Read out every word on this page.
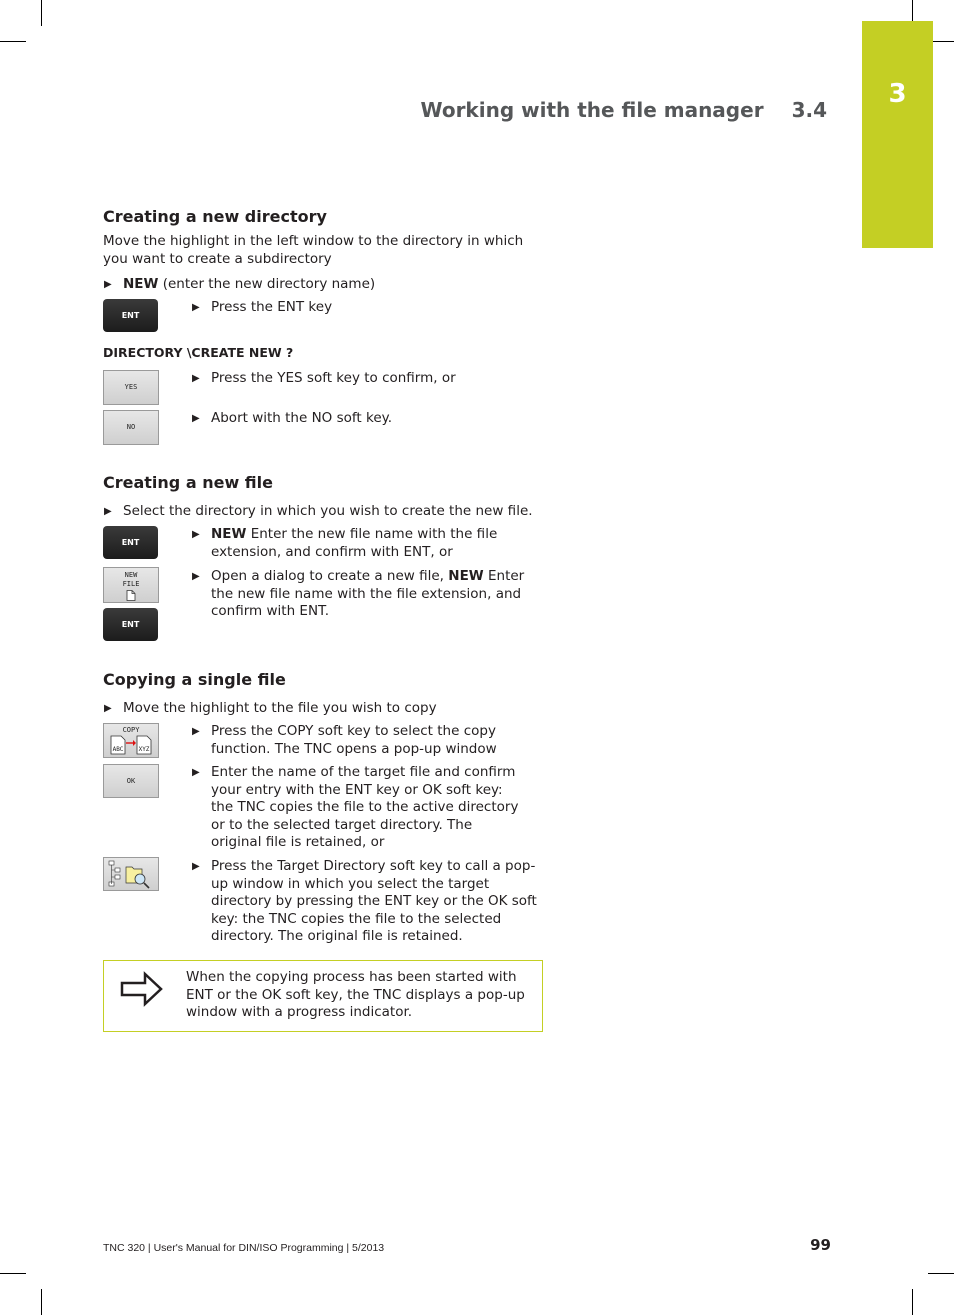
3
Working with the file manager 3.4
Creating a new directory
Move the highlight in the left window to the directory in which you want to create a subdirectory
▶ NEW (enter the new directory name)
ENT
▶ Press the ENT key
DIRECTORY \CREATE NEW ?
YES
▶ Press the YES soft key to confirm, or
NO
▶ Abort with the NO soft key.
Creating a new file
▶ Select the directory in which you wish to create the new file.
ENT
▶ NEW Enter the new file name with the file extension, and confirm with ENT, or
NEW
FILE
ENT
▶ Open a dialog to create a new file, NEW Enter the new file name with the file extension, and confirm with ENT.
Copying a single file
▶ Move the highlight to the file you wish to copy
COPY
ABC	XYZ
▶ Press the COPY soft key to select the copy function. The TNC opens a pop-up window
OK
▶ Enter the name of the target file and confirm your entry with the ENT key or OK soft key: the TNC copies the file to the active directory or to the selected target directory. The original file is retained, or
▶ Press the Target Directory soft key to call a pop-up window in which you select the target directory by pressing the ENT key or the OK soft key: the TNC copies the file to the selected directory. The original file is retained.
When the copying process has been started with ENT or the OK soft key, the TNC displays a pop-up window with a progress indicator.
TNC 320 | User's Manual for DIN/ISO Programming | 5/2013	99
